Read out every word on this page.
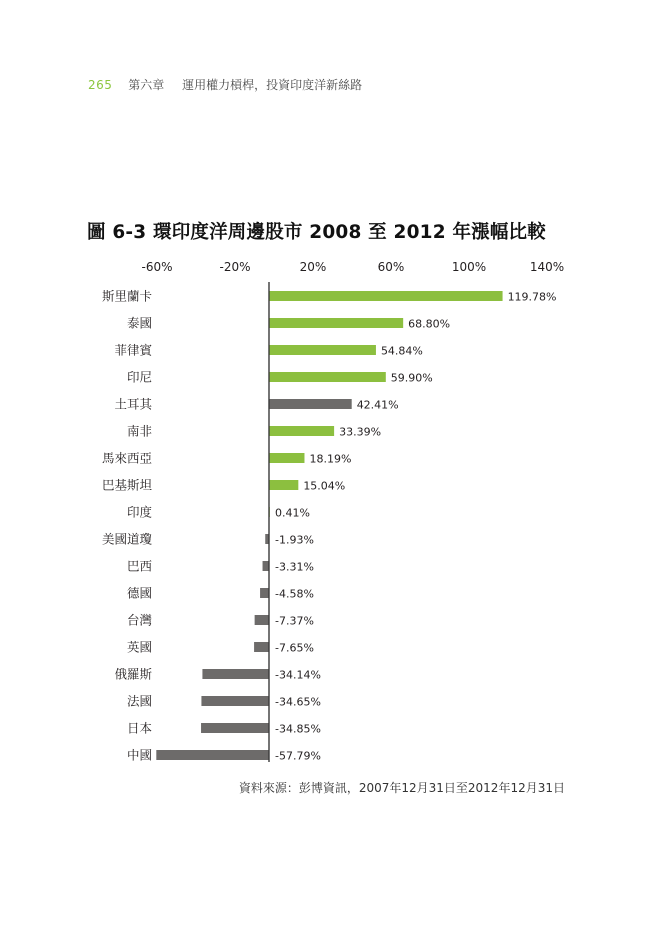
265 第六章 運用權力槓桿，投資印度洋新絲路
圖 6-3 環印度洋周邊股市 2008 至 2012 年漲幅比較
-60%	-20%	20%	60%	100%	140%
斯里蘭卡	119.78%
泰國	68.80%
菲律賓	54.84%
印尼	59.90%
土耳其	42.41%
南非	33.39%
馬來西亞	18.19%
巴基斯坦	15.04%
印度	0.41%
美國道瓊	-1.93%
巴西	-3.31%
德國	-4.58%
台灣	-7.37%
英國	-7.65%
俄羅斯	-34.14%
法國	-34.65%
日本	-34.85%
中國	-57.79%
資料來源：彭博資訊，2007年12月31日至2012年12月31日
